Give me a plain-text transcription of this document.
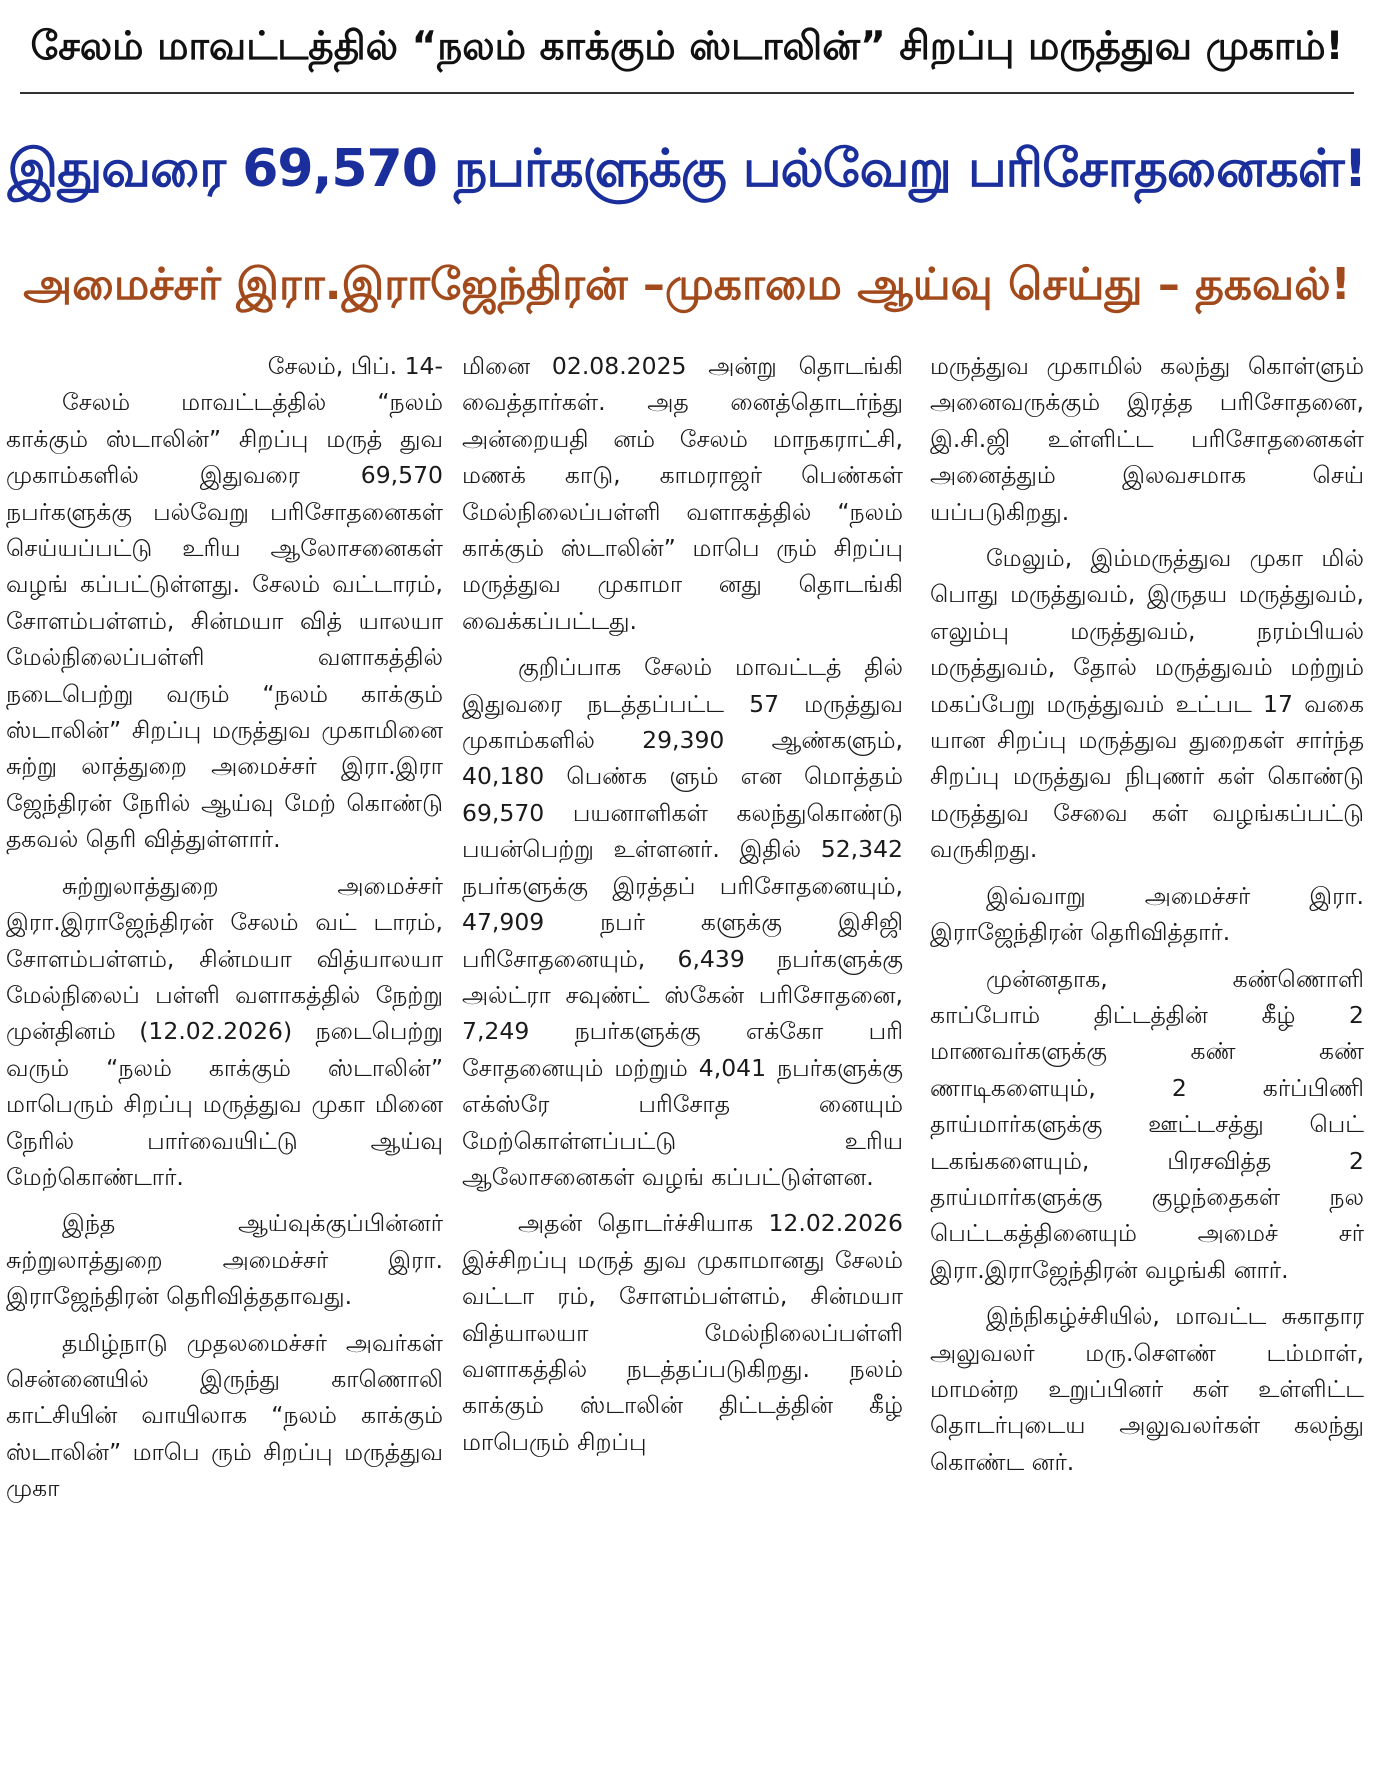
சேலம் மாவட்டத்தில் “நலம் காக்கும் ஸ்டாலின்” சிறப்பு மருத்துவ முகாம்!
இதுவரை 69,570 நபர்களுக்கு பல்வேறு பரிசோதனைகள்!
அமைச்சர் இரா.இராஜேந்திரன் –முகாமை ஆய்வு செய்து – தகவல்!

சேலம், பிப். 14-

சேலம் மாவட்டத்தில் “நலம் காக்கும் ஸ்டாலின்” சிறப்பு மருத் துவ முகாம்களில் இதுவரை 69,570 நபர்களுக்கு பல்வேறு பரிசோதனைகள் செய்யப்பட்டு உரிய ஆலோசனைகள் வழங் கப்பட்டுள்ளது. சேலம் வட்டாரம், சோளம்பள்ளம், சின்மயா வித் யாலயா மேல்நிலைப்பள்ளி வளாகத்தில் நடைபெற்று வரும் “நலம் காக்கும் ஸ்டாலின்” சிறப்பு மருத்துவ முகாமினை சுற்று லாத்துறை அமைச்சர் இரா.இரா ஜேந்திரன் நேரில் ஆய்வு மேற் கொண்டு தகவல் தெரி வித்துள்ளார்.

சுற்றுலாத்துறை அமைச்சர் இரா.இராஜேந்திரன் சேலம் வட் டாரம், சோளம்பள்ளம், சின்மயா வித்யாலயா மேல்நிலைப் பள்ளி வளாகத்தில் நேற்று முன்தினம் (12.02.2026) நடைபெற்று வரும் “நலம் காக்கும் ஸ்டாலின்” மாபெரும் சிறப்பு மருத்துவ முகா மினை நேரில் பார்வையிட்டு ஆய்வு மேற்கொண்டார்.

இந்த ஆய்வுக்குப்பின்னர் சுற்றுலாத்துறை அமைச்சர் இரா. இராஜேந்திரன் தெரிவித்ததாவது.

தமிழ்நாடு முதலமைச்சர் அவர்கள் சென்னையில் இருந்து காணொலி காட்சியின் வாயிலாக “நலம் காக்கும் ஸ்டாலின்” மாபெ ரும் சிறப்பு மருத்துவ முகா

மினை 02.08.2025 அன்று தொடங்கி வைத்தார்கள். அத னைத்தொடர்ந்து அன்றையதி னம் சேலம் மாநகராட்சி, மணக் காடு, காமராஜர் பெண்கள் மேல்நிலைப்பள்ளி வளாகத்தில் “நலம் காக்கும் ஸ்டாலின்” மாபெ ரும் சிறப்பு மருத்துவ முகாமா னது தொடங்கி வைக்கப்பட்டது.

குறிப்பாக சேலம் மாவட்டத் தில் இதுவரை நடத்தப்பட்ட 57 மருத்துவ முகாம்களில் 29,390 ஆண்களும், 40,180 பெண்க ளும் என மொத்தம் 69,570 பயனாளிகள் கலந்துகொண்டு பயன்பெற்று உள்ளனர். இதில் 52,342 நபர்களுக்கு இரத்தப் பரிசோதனையும், 47,909 நபர் களுக்கு இசிஜி பரிசோதனையும், 6,439 நபர்களுக்கு அல்ட்ரா சவுண்ட் ஸ்கேன் பரிசோதனை, 7,249 நபர்களுக்கு எக்கோ பரி சோதனையும் மற்றும் 4,041 நபர்களுக்கு எக்ஸ்ரே பரிசோத னையும் மேற்கொள்ளப்பட்டு உரிய ஆலோசனைகள் வழங் கப்பட்டுள்ளன.

அதன் தொடர்ச்சியாக 12.02.2026 இச்சிறப்பு மருத் துவ முகாமானது சேலம் வட்டா ரம், சோளம்பள்ளம், சின்மயா வித்யாலயா மேல்நிலைப்பள்ளி வளாகத்தில் நடத்தப்படுகிறது. நலம் காக்கும் ஸ்டாலின் திட்டத்தின் கீழ் மாபெரும் சிறப்பு

மருத்துவ முகாமில் கலந்து கொள்ளும் அனைவருக்கும் இரத்த பரிசோதனை, இ.சி.ஜி உள்ளிட்ட பரிசோதனைகள் அனைத்தும் இலவசமாக செய் யப்படுகிறது.

மேலும், இம்மருத்துவ முகா மில் பொது மருத்துவம், இருதய மருத்துவம், எலும்பு மருத்துவம், நரம்பியல் மருத்துவம், தோல் மருத்துவம் மற்றும் மகப்பேறு மருத்துவம் உட்பட 17 வகை யான சிறப்பு மருத்துவ துறைகள் சார்ந்த சிறப்பு மருத்துவ நிபுணர் கள் கொண்டு மருத்துவ சேவை கள் வழங்கப்பட்டு வருகிறது.

இவ்வாறு அமைச்சர் இரா. இராஜேந்திரன் தெரிவித்தார்.

முன்னதாக, கண்ணொளி காப்போம் திட்டத்தின் கீழ் 2 மாணவர்களுக்கு கண் கண் ணாடிகளையும், 2 கர்ப்பிணி தாய்மார்களுக்கு ஊட்டசத்து பெட் டகங்களையும், பிரசவித்த 2 தாய்மார்களுக்கு குழந்தைகள் நல பெட்டகத்தினையும் அமைச் சர் இரா.இராஜேந்திரன் வழங்கி னார்.

இந்நிகழ்ச்சியில், மாவட்ட சுகாதார அலுவலர் மரு.சௌண் டம்மாள், மாமன்ற உறுப்பினர் கள் உள்ளிட்ட தொடர்புடைய அலுவலர்கள் கலந்து கொண்ட னர்.
